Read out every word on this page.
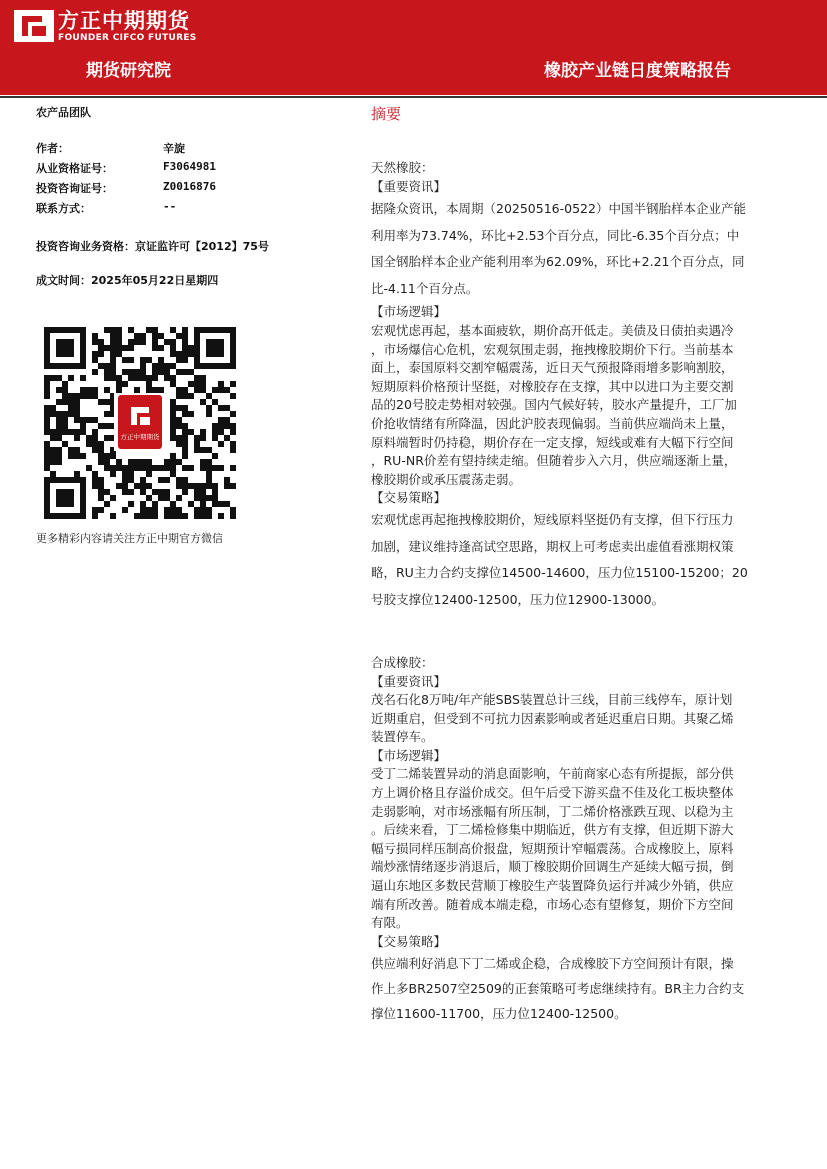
方正中期期货
FOUNDER CIFCO FUTURES
期货研究院	橡胶产业链日度策略报告
农产品团队
作者：	辛旋
从业资格证号：	F3064981
投资咨询证号：	Z0016876
联系方式：	--
投资咨询业务资格：京证监许可【2012】75号
成文时间：2025年05月22日星期四
方正中期期货
更多精彩内容请关注方正中期官方微信
摘要

天然橡胶：

【重要资讯】

据隆众资讯，本周期（20250516-0522）中国半钢胎样本企业产能
利用率为73.74%，环比+2.53个百分点，同比-6.35个百分点；中
国全钢胎样本企业产能利用率为62.09%，环比+2.21个百分点，同
比-4.11个百分点。

【市场逻辑】

宏观忧虑再起，基本面疲软，期价高开低走。美债及日债拍卖遇冷
，市场爆信心危机，宏观氛围走弱，拖拽橡胶期价下行。当前基本
面上，泰国原料交割窄幅震荡，近日天气预报降雨增多影响割胶，
短期原料价格预计坚挺，对橡胶存在支撑，其中以进口为主要交割
品的20号胶走势相对较强。国内气候好转，胶水产量提升，工厂加
价抢收情绪有所降温，因此沪胶表现偏弱。当前供应端尚未上量，
原料端暂时仍持稳，期价存在一定支撑，短线或难有大幅下行空间
，RU-NR价差有望持续走缩。但随着步入六月，供应端逐渐上量，
橡胶期价或承压震荡走弱。

【交易策略】

宏观忧虑再起拖拽橡胶期价，短线原料坚挺仍有支撑，但下行压力
加剧，建议维持逢高试空思路，期权上可考虑卖出虚值看涨期权策
略，RU主力合约支撑位14500-14600，压力位15100-15200；20
号胶支撑位12400-12500，压力位12900-13000。

合成橡胶：

【重要资讯】

茂名石化8万吨/年产能SBS装置总计三线，目前三线停车，原计划
近期重启，但受到不可抗力因素影响或者延迟重启日期。其聚乙烯
装置停车。

【市场逻辑】

受丁二烯装置异动的消息面影响，午前商家心态有所提振，部分供
方上调价格且存溢价成交。但午后受下游买盘不佳及化工板块整体
走弱影响，对市场涨幅有所压制，丁二烯价格涨跌互现、以稳为主
。后续来看，丁二烯检修集中期临近，供方有支撑，但近期下游大
幅亏损同样压制高价报盘，短期预计窄幅震荡。合成橡胶上，原料
端炒涨情绪逐步消退后，顺丁橡胶期价回调生产延续大幅亏损，倒
逼山东地区多数民营顺丁橡胶生产装置降负运行并减少外销，供应
端有所改善。随着成本端走稳，市场心态有望修复，期价下方空间
有限。

【交易策略】

供应端利好消息下丁二烯或企稳，合成橡胶下方空间预计有限，操
作上多BR2507空2509的正套策略可考虑继续持有。BR主力合约支
撑位11600-11700，压力位12400-12500。
